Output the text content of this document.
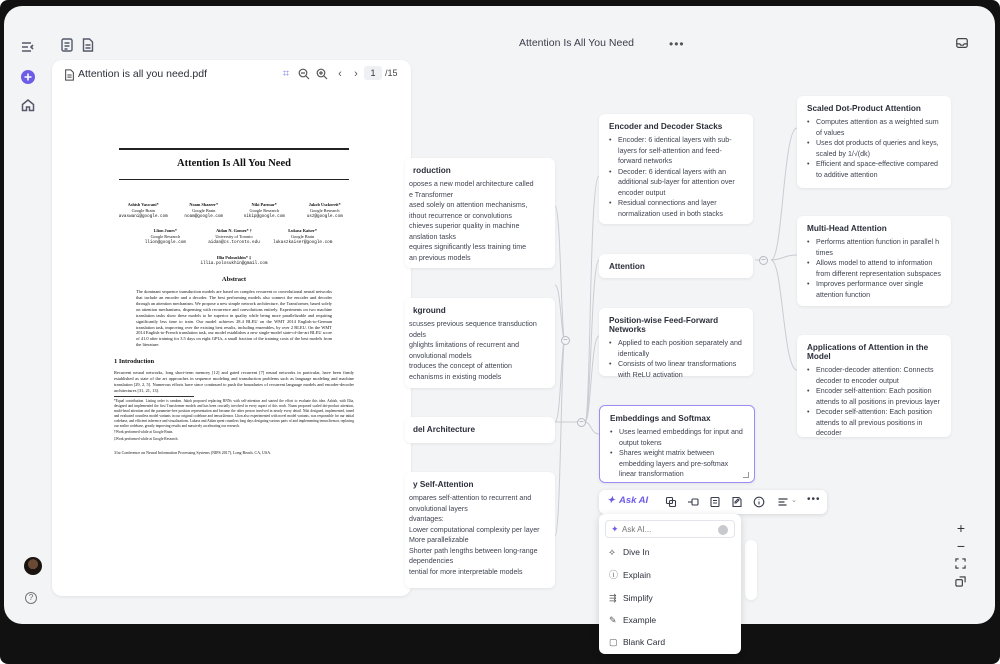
?
Attention Is All You Need	•••
Attention is all you need.pdf	⌗	‹	›	1	/15
Attention Is All You Need
Ashish Vaswani*
Google Brain
avaswani@google.com
Noam Shazeer*
Google Brain
noam@google.com
Niki Parmar*
Google Research
nikip@google.com
Jakob Uszkoreit*
Google Research
usz@google.com
Llion Jones*
Google Research
llion@google.com
Aidan N. Gomez* †
University of Toronto
aidan@cs.toronto.edu
Łukasz Kaiser*
Google Brain
lukaszkaiser@google.com
Illia Polosukhin* ‡
illia.polosukhin@gmail.com
Abstract
The dominant sequence transduction models are based on complex recurrent or convolutional neural networks that include an encoder and a decoder. The best performing models also connect the encoder and decoder through an attention mechanism. We propose a new simple network architecture, the Transformer, based solely on attention mechanisms, dispensing with recurrence and convolutions entirely. Experiments on two machine translation tasks show these models to be superior in quality while being more parallelizable and requiring significantly less time to train. Our model achieves 28.4 BLEU on the WMT 2014 English-to-German translation task, improving over the existing best results, including ensembles, by over 2 BLEU. On the WMT 2014 English-to-French translation task, our model establishes a new single-model state-of-the-art BLEU score of 41.0 after training for 3.5 days on eight GPUs, a small fraction of the training costs of the best models from the literature.
1 Introduction
Recurrent neural networks, long short-term memory [12] and gated recurrent [7] neural networks in particular, have been firmly established as state of the art approaches in sequence modeling and transduction problems such as language modeling and machine translation [29, 2, 5]. Numerous efforts have since continued to push the boundaries of recurrent language models and encoder-decoder architectures [31, 21, 13].
*Equal contribution. Listing order is random. Jakob proposed replacing RNNs with self-attention and started the effort to evaluate this idea. Ashish, with Illia, designed and implemented the first Transformer models and has been crucially involved in every aspect of this work. Noam proposed scaled dot-product attention, multi-head attention and the parameter-free position representation and became the other person involved in nearly every detail. Niki designed, implemented, tuned and evaluated countless model variants in our original codebase and tensor2tensor. Llion also experimented with novel model variants, was responsible for our initial codebase, and efficient inference and visualizations. Lukasz and Aidan spent countless long days designing various parts of and implementing tensor2tensor, replacing our earlier codebase, greatly improving results and massively accelerating our research.
†Work performed while at Google Brain.
‡Work performed while at Google Research.
31st Conference on Neural Information Processing Systems (NIPS 2017), Long Beach, CA, USA.
–
–
–
roduction
oposes a new model architecture called
e Transformer
ased solely on attention mechanisms,
ithout recurrence or convolutions
chieves superior quality in machine
anslation tasks
equires significantly less training time
an previous models
kground
scusses previous sequence transduction
odels
ghlights limitations of recurrent and
onvolutional models
troduces the concept of attention
echanisms in existing models
del Architecture
y Self-Attention
ompares self-attention to recurrent and
onvolutional layers
dvantages:
Lower computational complexity per layer
More parallelizable
Shorter path lengths between long-range
dependencies
tential for more interpretable models
Encoder and Decoder Stacks
• Encoder: 6 identical layers with sub-layers for self-attention and feed-forward networks
• Decoder: 6 identical layers with an additional sub-layer for attention over encoder output
• Residual connections and layer normalization used in both stacks
Attention
Position-wise Feed-Forward Networks
• Applied to each position separately and identically
• Consists of two linear transformations with ReLU activation
Embeddings and Softmax
• Uses learned embeddings for input and output tokens
• Shares weight matrix between embedding layers and pre-softmax linear transformation
Scaled Dot-Product Attention
• Computes attention as a weighted sum of values
• Uses dot products of queries and keys, scaled by 1/√(dk)
• Efficient and space-effective compared to additive attention
Multi-Head Attention
• Performs attention function in parallel h times
• Allows model to attend to information from different representation subspaces
• Improves performance over single attention function
Applications of Attention in the Model
• Encoder-decoder attention: Connects decoder to encoder output
• Encoder self-attention: Each position attends to all positions in previous layer
• Decoder self-attention: Each position attends to all previous positions in decoder
✦ Ask AI	⌄	•••
✦
Ask AI...
⟡ Dive In
ⓘ Explain
⇶ Simplify
✎ Example
▢ Blank Card
+
−
